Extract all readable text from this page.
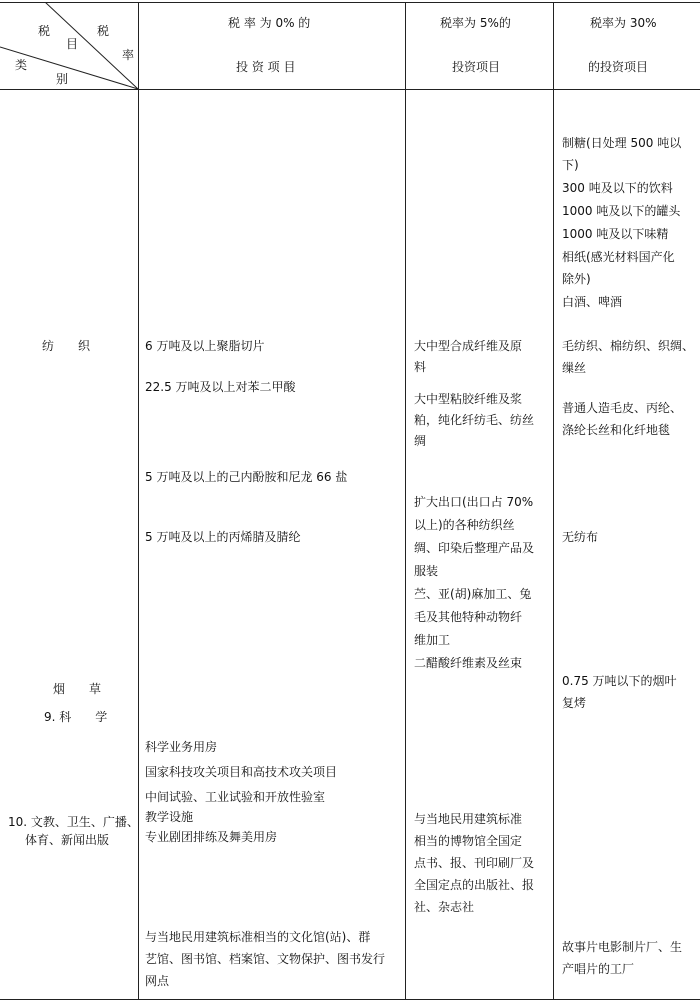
税
目
税
率
类
别
税 率 为 0% 的
投 资 项 目
税率为 5%的
投资项目
税率为 30%
的投资项目
纺　　织
烟　　草
9. 科　　学
10. 文教、卫生、广播、
体育、新闻出版
6 万吨及以上聚脂切片
22.5 万吨及以上对苯二甲酸
5 万吨及以上的己内酚胺和尼龙 66 盐
5 万吨及以上的丙烯腈及腈纶
科学业务用房
国家科技攻关项目和高技术攻关项目
中间试验、工业试验和开放性验室
教学设施
专业剧团排练及舞美用房
与当地民用建筑标准相当的文化馆(站)、群
艺馆、图书馆、档案馆、文物保护、图书发行
网点
大中型合成纤维及原
料
大中型粘胶纤维及浆
粕，纯化纤纺毛、纺丝
绸
扩大出口(出口占 70%
以上)的各种纺织丝
绸、印染后整理产品及
服装
苎、亚(胡)麻加工、兔
毛及其他特种动物纤
维加工
二醋酸纤维素及丝束
与当地民用建筑标准
相当的博物馆全国定
点书、报、刊印刷厂及
全国定点的出版社、报
社、杂志社
制糖(日处理 500 吨以
下)
300 吨及以下的饮料
1000 吨及以下的罐头
1000 吨及以下味精
相纸(感光材料国产化
除外)
白酒、啤酒
毛纺织、棉纺织、织绸、
缫丝
普通人造毛皮、丙纶、
涤纶长丝和化纤地毯
无纺布
0.75 万吨以下的烟叶
复烤
故事片电影制片厂、生
产唱片的工厂
